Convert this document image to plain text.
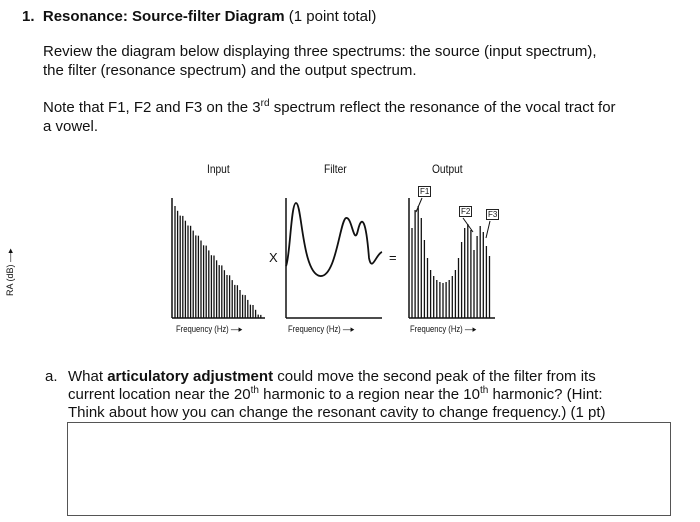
1. Resonance: Source-filter Diagram (1 point total)
Review the diagram below displaying three spectrums: the source (input spectrum),
the filter (resonance spectrum) and the output spectrum.
Note that F1, F2 and F3 on the 3rd spectrum reflect the resonance of the vocal tract for
a vowel.
Input	Filter	Output
X	=
Frequency (Hz) —▸	Frequency (Hz) —▸	Frequency (Hz) —▸
F1
F2 F3
RA (dB) —▸
a. What articulatory adjustment could move the second peak of the filter from its
current location near the 20th harmonic to a region near the 10th harmonic? (Hint:
Think about how you can change the resonant cavity to change frequency.) (1 pt)
